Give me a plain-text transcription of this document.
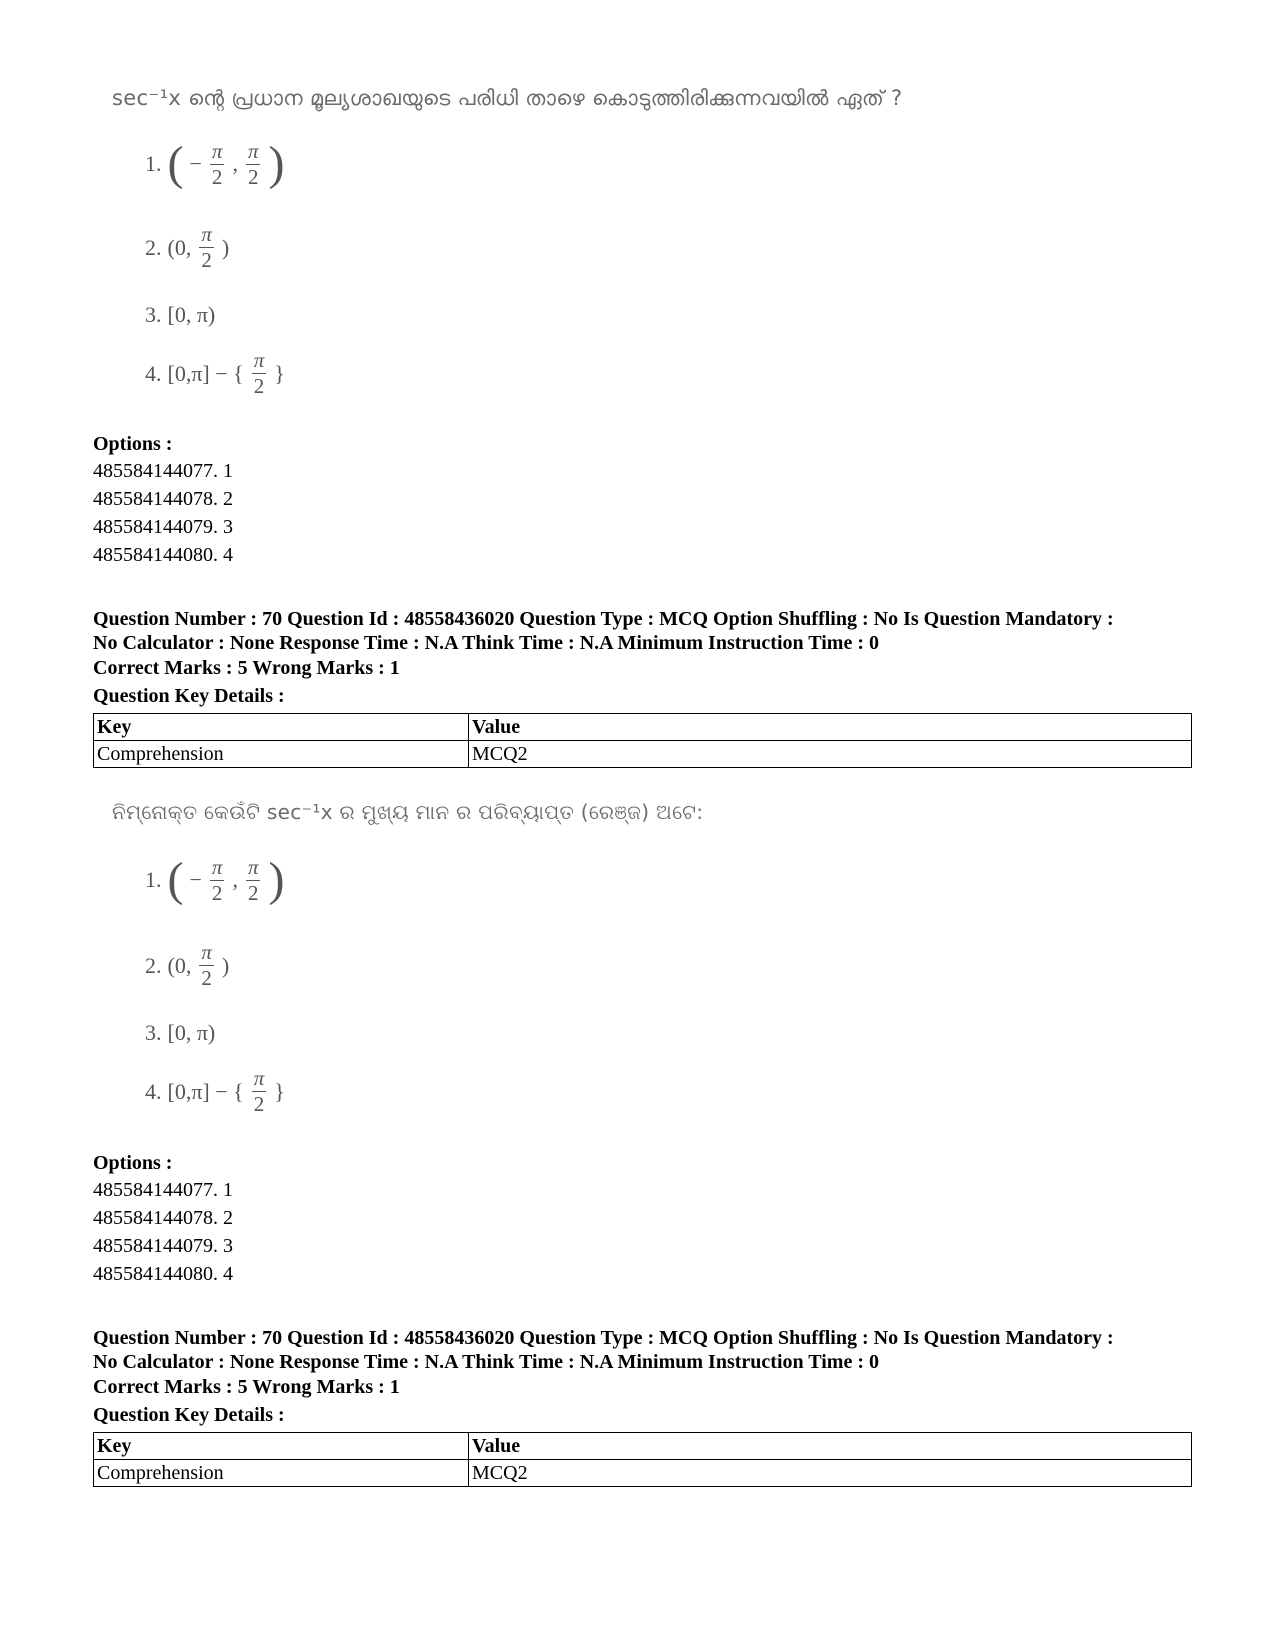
sec⁻¹x ന്റെ പ്രധാന മൂല്യശാഖയുടെ പരിധി താഴെ കൊടുത്തിരിക്കുന്നവയിൽ ഏത് ?
1. ( − $\frac{\pi}{2}$ , $\frac{\pi}{2}$ )
2. (0, $\frac{\pi}{2}$ )
3. [0, π)
4. [0,π] − { $\frac{\pi}{2}$ }
Options :
485584144077. 1
485584144078. 2
485584144079. 3
485584144080. 4
Question Number : 70 Question Id : 48558436020 Question Type : MCQ Option Shuffling : No Is Question Mandatory :
No Calculator : None Response Time : N.A Think Time : N.A Minimum Instruction Time : 0
Correct Marks : 5 Wrong Marks : 1
Question Key Details :
Key	Value
Comprehension	MCQ2
ନିମ୍ନୋକ୍ତ କେଉଁଟି sec⁻¹x ର ମୁଖ୍ୟ ମାନ ର ପରିବ୍ୟାପ୍ତ (ରେଞ୍ଜ) ଅଟେ:
1. ( − $\frac{\pi}{2}$ , $\frac{\pi}{2}$ )
2. (0, $\frac{\pi}{2}$ )
3. [0, π)
4. [0,π] − { $\frac{\pi}{2}$ }
Options :
485584144077. 1
485584144078. 2
485584144079. 3
485584144080. 4
Question Number : 70 Question Id : 48558436020 Question Type : MCQ Option Shuffling : No Is Question Mandatory :
No Calculator : None Response Time : N.A Think Time : N.A Minimum Instruction Time : 0
Correct Marks : 5 Wrong Marks : 1
Question Key Details :
Key	Value
Comprehension	MCQ2
